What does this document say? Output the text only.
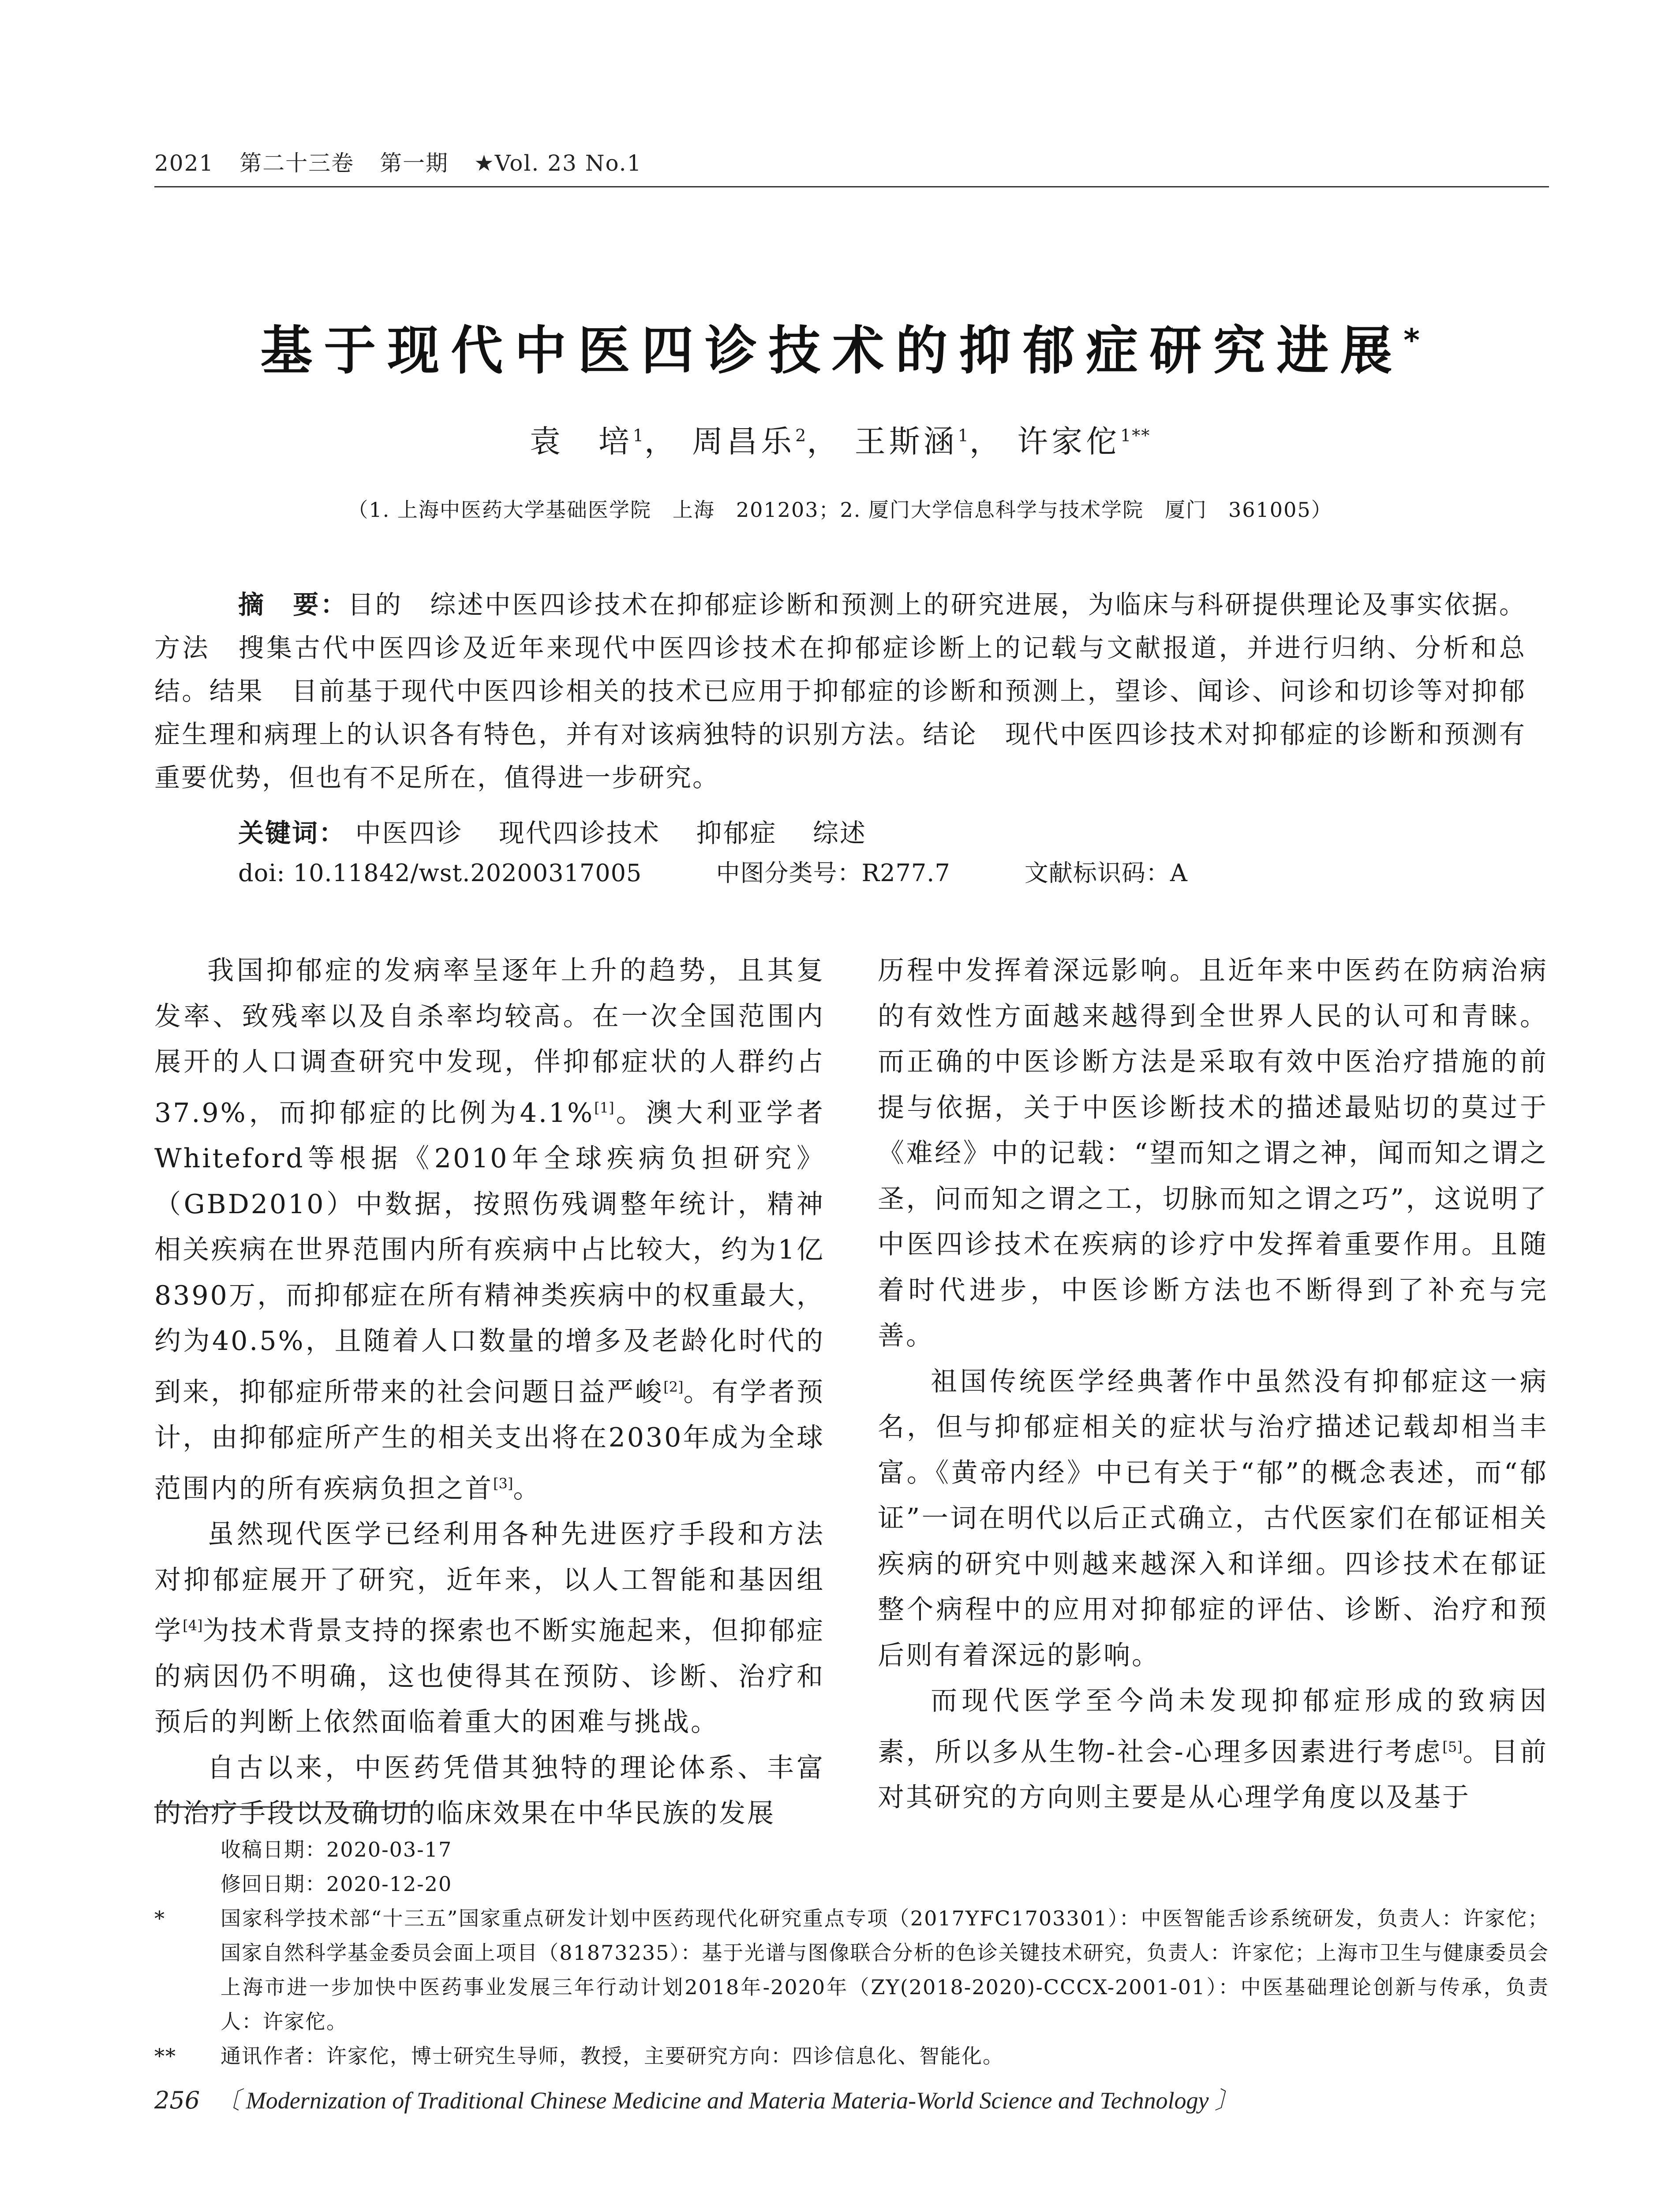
2021 第二十三卷 第一期 ★Vol. 23 No.1
基于现代中医四诊技术的抑郁症研究进展*
袁　培$^1$， 周昌乐$^2$， 王斯涵$^1$， 许家佗$^{1**}$
（1. 上海中医药大学基础医学院　上海　201203；2. 厦门大学信息科学与技术学院　厦门　361005）

摘　要：目的　综述中医四诊技术在抑郁症诊断和预测上的研究进展，为临床与科研提供理论及事实依据。方法　搜集古代中医四诊及近年来现代中医四诊技术在抑郁症诊断上的记载与文献报道，并进行归纳、分析和总结。结果　目前基于现代中医四诊相关的技术已应用于抑郁症的诊断和预测上，望诊、闻诊、问诊和切诊等对抑郁症生理和病理上的认识各有特色，并有对该病独特的识别方法。结论　现代中医四诊技术对抑郁症的诊断和预测有重要优势，但也有不足所在，值得进一步研究。

关键词： 中医四诊 现代四诊技术 抑郁症 综述
doi: 10.11842/wst.20200317005	中图分类号：R277.7	文献标识码：A

我国抑郁症的发病率呈逐年上升的趋势，且其复发率、致残率以及自杀率均较高。在一次全国范围内展开的人口调查研究中发现，伴抑郁症状的人群约占37.9%，而抑郁症的比例为4.1%[1]。澳大利亚学者Whiteford等根据《2010年全球疾病负担研究》（GBD2010）中数据，按照伤残调整年统计，精神相关疾病在世界范围内所有疾病中占比较大，约为1亿8390万，而抑郁症在所有精神类疾病中的权重最大，约为40.5%，且随着人口数量的增多及老龄化时代的到来，抑郁症所带来的社会问题日益严峻[2]。有学者预计，由抑郁症所产生的相关支出将在2030年成为全球范围内的所有疾病负担之首[3]。

虽然现代医学已经利用各种先进医疗手段和方法对抑郁症展开了研究，近年来，以人工智能和基因组学[4]为技术背景支持的探索也不断实施起来，但抑郁症的病因仍不明确，这也使得其在预防、诊断、治疗和预后的判断上依然面临着重大的困难与挑战。

自古以来，中医药凭借其独特的理论体系、丰富的治疗手段以及确切的临床效果在中华民族的发展

历程中发挥着深远影响。且近年来中医药在防病治病的有效性方面越来越得到全世界人民的认可和青睐。而正确的中医诊断方法是采取有效中医治疗措施的前提与依据，关于中医诊断技术的描述最贴切的莫过于《难经》中的记载：“望而知之谓之神，闻而知之谓之圣，问而知之谓之工，切脉而知之谓之巧”，这说明了中医四诊技术在疾病的诊疗中发挥着重要作用。且随着时代进步，中医诊断方法也不断得到了补充与完善。

祖国传统医学经典著作中虽然没有抑郁症这一病名，但与抑郁症相关的症状与治疗描述记载却相当丰富。《黄帝内经》中已有关于“郁”的概念表述，而“郁证”一词在明代以后正式确立，古代医家们在郁证相关疾病的研究中则越来越深入和详细。四诊技术在郁证整个病程中的应用对抑郁症的评估、诊断、治疗和预后则有着深远的影响。

而现代医学至今尚未发现抑郁症形成的致病因素，所以多从生物-社会-心理多因素进行考虑[5]。目前对其研究的方向则主要是从心理学角度以及基于

收稿日期：2020-03-17
修回日期：2020-12-20
*	国家科学技术部“十三五”国家重点研发计划中医药现代化研究重点专项（2017YFC1703301）：中医智能舌诊系统研发，负责人：许家佗；国家自然科学基金委员会面上项目（81873235）：基于光谱与图像联合分析的色诊关键技术研究，负责人：许家佗；上海市卫生与健康委员会上海市进一步加快中医药事业发展三年行动计划2018年-2020年（ZY(2018-2020)-CCCX-2001-01）：中医基础理论创新与传承，负责人：许家佗。
** 通讯作者：许家佗，博士研究生导师，教授，主要研究方向：四诊信息化、智能化。
256 〔 Modernization of Traditional Chinese Medicine and Materia Materia-World Science and Technology 〕
